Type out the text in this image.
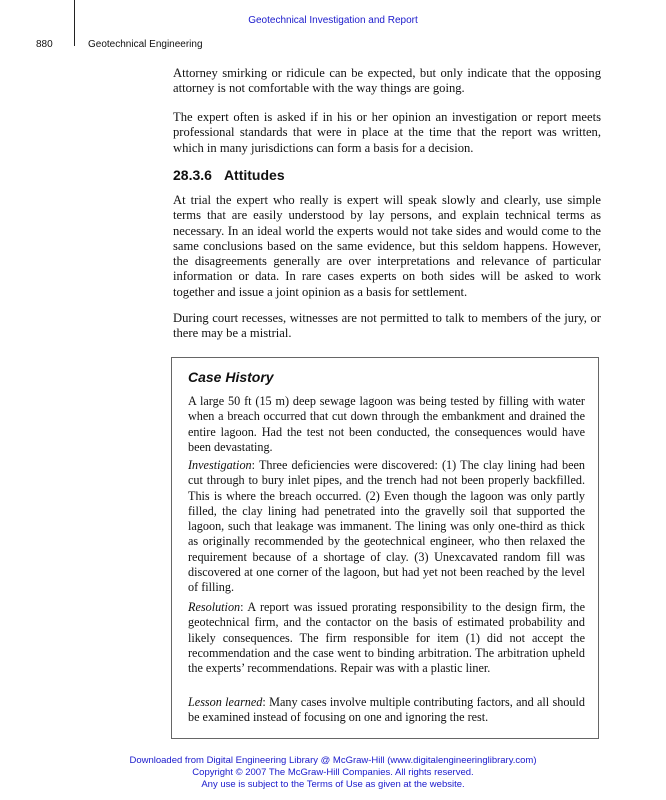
Geotechnical Investigation and Report
880	Geotechnical Engineering
Attorney smirking or ridicule can be expected, but only indicate that the opposing attorney is not comfortable with the way things are going.
The expert often is asked if in his or her opinion an investigation or report meets professional standards that were in place at the time that the report was written, which in many jurisdictions can form a basis for a decision.
28.3.6 Attitudes
At trial the expert who really is expert will speak slowly and clearly, use simple terms that are easily understood by lay persons, and explain technical terms as necessary. In an ideal world the experts would not take sides and would come to the same conclusions based on the same evidence, but this seldom happens. However, the disagreements generally are over interpretations and relevance of particular information or data. In rare cases experts on both sides will be asked to work together and issue a joint opinion as a basis for settlement.
During court recesses, witnesses are not permitted to talk to members of the jury, or there may be a mistrial.
Case History
A large 50 ft (15 m) deep sewage lagoon was being tested by filling with water when a breach occurred that cut down through the embankment and drained the entire lagoon. Had the test not been conducted, the consequences would have been devastating.
Investigation: Three deficiencies were discovered: (1) The clay lining had been cut through to bury inlet pipes, and the trench had not been properly backfilled. This is where the breach occurred. (2) Even though the lagoon was only partly filled, the clay lining had penetrated into the gravelly soil that supported the lagoon, such that leakage was immanent. The lining was only one-third as thick as originally recommended by the geotechnical engineer, who then relaxed the requirement because of a shortage of clay. (3) Unexcavated random fill was discovered at one corner of the lagoon, but had yet not been reached by the level of filling.
Resolution: A report was issued prorating responsibility to the design firm, the geotechnical firm, and the contactor on the basis of estimated probability and likely consequences. The firm responsible for item (1) did not accept the recommendation and the case went to binding arbitration. The arbitration upheld the experts’ recommendations. Repair was with a plastic liner.
Lesson learned: Many cases involve multiple contributing factors, and all should be examined instead of focusing on one and ignoring the rest.
Downloaded from Digital Engineering Library @ McGraw-Hill (www.digitalengineeringlibrary.com)
Copyright © 2007 The McGraw-Hill Companies. All rights reserved.
Any use is subject to the Terms of Use as given at the website.
